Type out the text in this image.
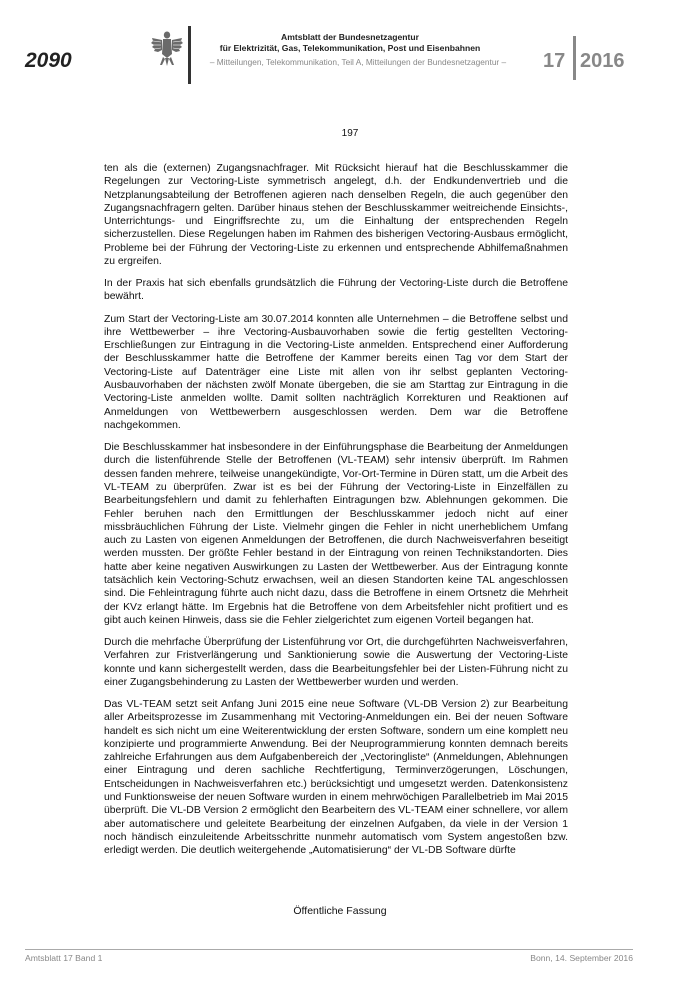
2090
Amtsblatt der Bundesnetzagentur
für Elektrizität, Gas, Telekommunikation, Post und Eisenbahnen
– Mitteilungen, Telekommunikation, Teil A, Mitteilungen der Bundesnetzagentur –	17 2016
197

ten als die (externen) Zugangsnachfrager. Mit Rücksicht hierauf hat die Beschlusskammer die Regelungen zur Vectoring-Liste symmetrisch angelegt, d.h. der Endkundenvertrieb und die Netzplanungsabteilung der Betroffenen agieren nach denselben Regeln, die auch gegenüber den Zugangsnachfragern gelten. Darüber hinaus stehen der Beschlusskammer weitreichende Einsichts-, Unterrichtungs- und Eingriffsrechte zu, um die Einhaltung der entsprechenden Regeln sicherzustellen. Diese Regelungen haben im Rahmen des bisherigen Vectoring-Ausbaus ermöglicht, Probleme bei der Führung der Vectoring-Liste zu erkennen und entsprechende Abhilfemaßnahmen zu ergreifen.

In der Praxis hat sich ebenfalls grundsätzlich die Führung der Vectoring-Liste durch die Betroffene bewährt.

Zum Start der Vectoring-Liste am 30.07.2014 konnten alle Unternehmen – die Betroffene selbst und ihre Wettbewerber – ihre Vectoring-Ausbauvorhaben sowie die fertig gestellten Vectoring-Erschließungen zur Eintragung in die Vectoring-Liste anmelden. Entsprechend einer Aufforderung der Beschlusskammer hatte die Betroffene der Kammer bereits einen Tag vor dem Start der Vectoring-Liste auf Datenträger eine Liste mit allen von ihr selbst geplanten Vectoring-Ausbauvorhaben der nächsten zwölf Monate übergeben, die sie am Starttag zur Eintragung in die Vectoring-Liste anmelden wollte. Damit sollten nachträglich Korrekturen und Reaktionen auf Anmeldungen von Wettbewerbern ausgeschlossen werden. Dem war die Betroffene nachgekommen.

Die Beschlusskammer hat insbesondere in der Einführungsphase die Bearbeitung der Anmeldungen durch die listenführende Stelle der Betroffenen (VL-TEAM) sehr intensiv überprüft. Im Rahmen dessen fanden mehrere, teilweise unangekündigte, Vor-Ort-Termine in Düren statt, um die Arbeit des VL-TEAM zu überprüfen. Zwar ist es bei der Führung der Vectoring-Liste in Einzelfällen zu Bearbeitungsfehlern und damit zu fehlerhaften Eintragungen bzw. Ablehnungen gekommen. Die Fehler beruhen nach den Ermittlungen der Beschlusskammer jedoch nicht auf einer missbräuchlichen Führung der Liste. Vielmehr gingen die Fehler in nicht unerheblichem Umfang auch zu Lasten von eigenen Anmeldungen der Betroffenen, die durch Nachweisverfahren beseitigt werden mussten. Der größte Fehler bestand in der Eintragung von reinen Technikstandorten. Dies hatte aber keine negativen Auswirkungen zu Lasten der Wettbewerber. Aus der Eintragung konnte tatsächlich kein Vectoring-Schutz erwachsen, weil an diesen Standorten keine TAL angeschlossen sind. Die Fehleintragung führte auch nicht dazu, dass die Betroffene in einem Ortsnetz die Mehrheit der KVz erlangt hätte. Im Ergebnis hat die Betroffene von dem Arbeitsfehler nicht profitiert und es gibt auch keinen Hinweis, dass sie die Fehler zielgerichtet zum eigenen Vorteil begangen hat.

Durch die mehrfache Überprüfung der Listenführung vor Ort, die durchgeführten Nachweisverfahren, Verfahren zur Fristverlängerung und Sanktionierung sowie die Auswertung der Vectoring-Liste konnte und kann sichergestellt werden, dass die Bearbeitungsfehler bei der Listen-Führung nicht zu einer Zugangsbehinderung zu Lasten der Wettbewerber wurden und werden.

Das VL-TEAM setzt seit Anfang Juni 2015 eine neue Software (VL-DB Version 2) zur Bearbeitung aller Arbeitsprozesse im Zusammenhang mit Vectoring-Anmeldungen ein. Bei der neuen Software handelt es sich nicht um eine Weiterentwicklung der ersten Software, sondern um eine komplett neu konzipierte und programmierte Anwendung. Bei der Neuprogrammierung konnten demnach bereits zahlreiche Erfahrungen aus dem Aufgabenbereich der „Vectoringliste“ (Anmeldungen, Ablehnungen einer Eintragung und deren sachliche Rechtfertigung, Terminverzögerungen, Löschungen, Entscheidungen in Nachweisverfahren etc.) berücksichtigt und umgesetzt werden. Datenkonsistenz und Funktionsweise der neuen Software wurden in einem mehrwöchigen Parallelbetrieb im Mai 2015 überprüft. Die VL-DB Version 2 ermöglicht den Bearbeitern des VL-TEAM einer schnellere, vor allem aber automatischere und geleitete Bearbeitung der einzelnen Aufgaben, da viele in der Version 1 noch händisch einzuleitende Arbeitsschritte nunmehr automatisch vom System angestoßen bzw. erledigt werden. Die deutlich weitergehende „Automatisierung“ der VL-DB Software dürfte

Öffentliche Fassung
Amtsblatt 17 Band 1	Bonn, 14. September 2016
